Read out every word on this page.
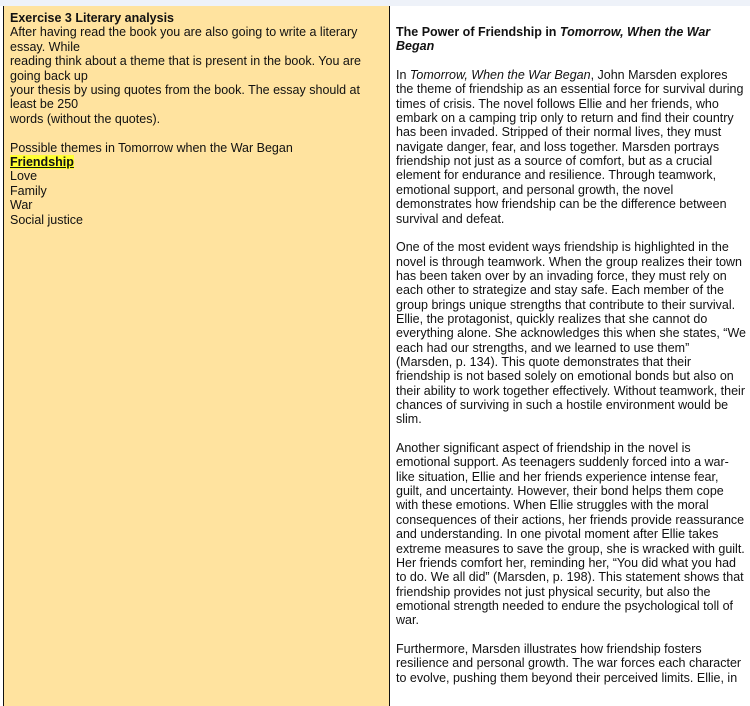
Exercise 3 Literary analysis
After having read the book you are also going to write a literary
essay. While
reading think about a theme that is present in the book. You are
going back up
your thesis by using quotes from the book. The essay should at
least be 250
words (without the quotes).
Possible themes in Tomorrow when the War Began
Friendship
Love
Family
War
Social justice
The Power of Friendship in Tomorrow, When the War Began
In Tomorrow, When the War Began, John Marsden explores the theme of friendship as an essential force for survival during times of crisis. The novel follows Ellie and her friends, who embark on a camping trip only to return and find their country has been invaded. Stripped of their normal lives, they must navigate danger, fear, and loss together. Marsden portrays friendship not just as a source of comfort, but as a crucial element for endurance and resilience. Through teamwork, emotional support, and personal growth, the novel demonstrates how friendship can be the difference between survival and defeat.
One of the most evident ways friendship is highlighted in the novel is through teamwork. When the group realizes their town has been taken over by an invading force, they must rely on each other to strategize and stay safe. Each member of the group brings unique strengths that contribute to their survival. Ellie, the protagonist, quickly realizes that she cannot do everything alone. She acknowledges this when she states, “We each had our strengths, and we learned to use them” (Marsden, p. 134). This quote demonstrates that their friendship is not based solely on emotional bonds but also on their ability to work together effectively. Without teamwork, their chances of surviving in such a hostile environment would be slim.
Another significant aspect of friendship in the novel is emotional support. As teenagers suddenly forced into a war-like situation, Ellie and her friends experience intense fear, guilt, and uncertainty. However, their bond helps them cope with these emotions. When Ellie struggles with the moral consequences of their actions, her friends provide reassurance and understanding. In one pivotal moment after Ellie takes extreme measures to save the group, she is wracked with guilt. Her friends comfort her, reminding her, “You did what you had to do. We all did” (Marsden, p. 198). This statement shows that friendship provides not just physical security, but also the emotional strength needed to endure the psychological toll of war.
Furthermore, Marsden illustrates how friendship fosters resilience and personal growth. The war forces each character to evolve, pushing them beyond their perceived limits. Ellie, in
